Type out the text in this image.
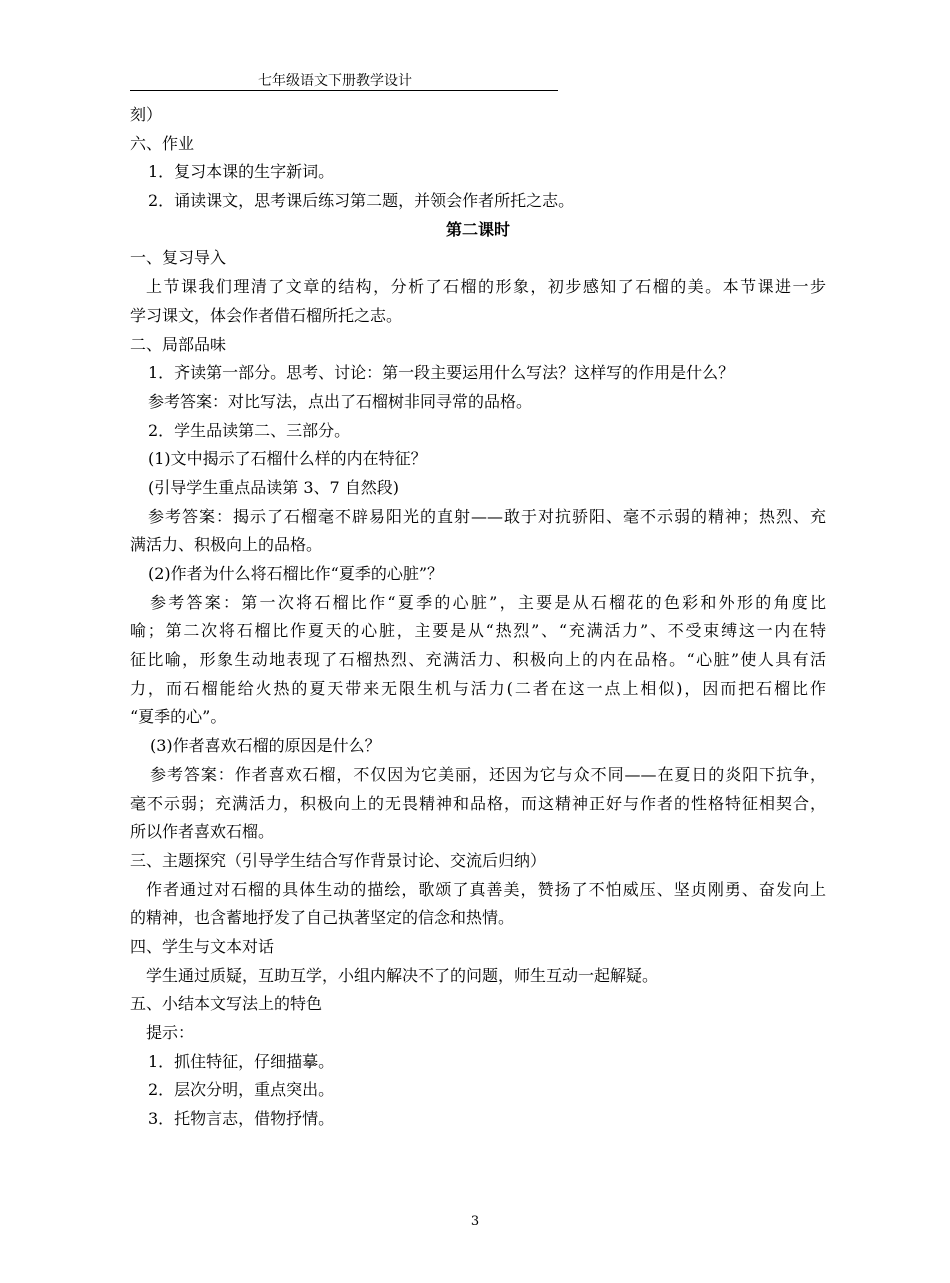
七年级语文下册教学设计
刻）
六、作业
1．复习本课的生字新词。
2．诵读课文，思考课后练习第二题，并领会作者所托之志。
第二课时
一、复习导入
上节课我们理清了文章的结构，分析了石榴的形象，初步感知了石榴的美。本节课进一步
学习课文，体会作者借石榴所托之志。
二、局部品味
1．齐读第一部分。思考、讨论：第一段主要运用什么写法？这样写的作用是什么？
参考答案：对比写法，点出了石榴树非同寻常的品格。
2．学生品读第二、三部分。
(1)文中揭示了石榴什么样的内在特征？
(引导学生重点品读第 3、7 自然段)
参考答案：揭示了石榴毫不辟易阳光的直射——敢于对抗骄阳、毫不示弱的精神；热烈、充
满活力、积极向上的品格。
(2)作者为什么将石榴比作“夏季的心脏”？
参考答案：第一次将石榴比作“夏季的心脏”，主要是从石榴花的色彩和外形的角度比
喻；第二次将石榴比作夏天的心脏，主要是从“热烈”、“充满活力”、不受束缚这一内在特
征比喻，形象生动地表现了石榴热烈、充满活力、积极向上的内在品格。“心脏”使人具有活
力，而石榴能给火热的夏天带来无限生机与活力(二者在这一点上相似)，因而把石榴比作
“夏季的心”。
(3)作者喜欢石榴的原因是什么？
参考答案：作者喜欢石榴，不仅因为它美丽，还因为它与众不同——在夏日的炎阳下抗争，
毫不示弱；充满活力，积极向上的无畏精神和品格，而这精神正好与作者的性格特征相契合，
所以作者喜欢石榴。
三、主题探究（引导学生结合写作背景讨论、交流后归纳）
作者通过对石榴的具体生动的描绘，歌颂了真善美，赞扬了不怕威压、坚贞刚勇、奋发向上
的精神，也含蓄地抒发了自己执著坚定的信念和热情。
四、学生与文本对话
学生通过质疑，互助互学，小组内解决不了的问题，师生互动一起解疑。
五、小结本文写法上的特色
提示：
1．抓住特征，仔细描摹。
2．层次分明，重点突出。
3．托物言志，借物抒情。
3
